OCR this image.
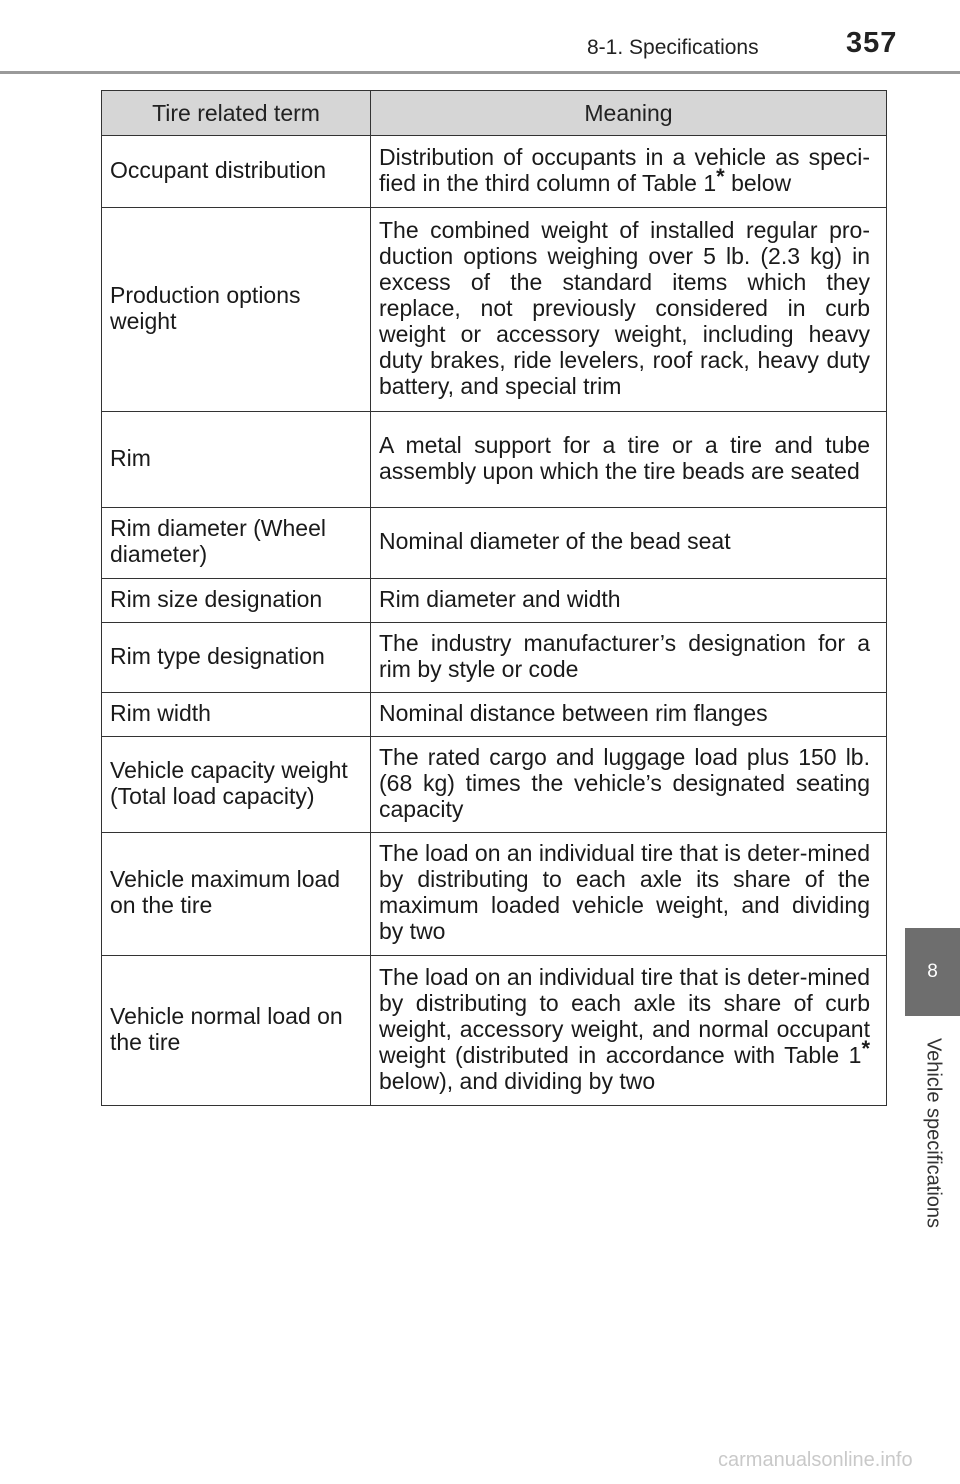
8-1. Specifications	357
8
Vehicle specifications
Tire related term	Meaning
Occupant distribution	Distribution of occupants in a vehicle as speci-fied in the third column of Table 1* below
Production options weight	The combined weight of installed regular pro-duction options weighing over 5 lb. (2.3 kg) in excess of the standard items which they replace, not previously considered in curb weight or accessory weight, including heavy duty brakes, ride levelers, roof rack, heavy duty battery, and special trim
Rim	A metal support for a tire or a tire and tube assembly upon which the tire beads are seated
Rim diameter (Wheel diameter)	Nominal diameter of the bead seat
Rim size designation	Rim diameter and width
Rim type designation	The industry manufacturer’s designation for a rim by style or code
Rim width	Nominal distance between rim flanges
Vehicle capacity weight (Total load capacity)	The rated cargo and luggage load plus 150 lb. (68 kg) times the vehicle’s designated seating capacity
Vehicle maximum load on the tire	The load on an individual tire that is deter-mined by distributing to each axle its share of the maximum loaded vehicle weight, and dividing by two
Vehicle normal load on the tire	The load on an individual tire that is deter-mined by distributing to each axle its share of curb weight, accessory weight, and normal occupant weight (distributed in accordance with Table 1* below), and dividing by two
carmanualsonline.info
